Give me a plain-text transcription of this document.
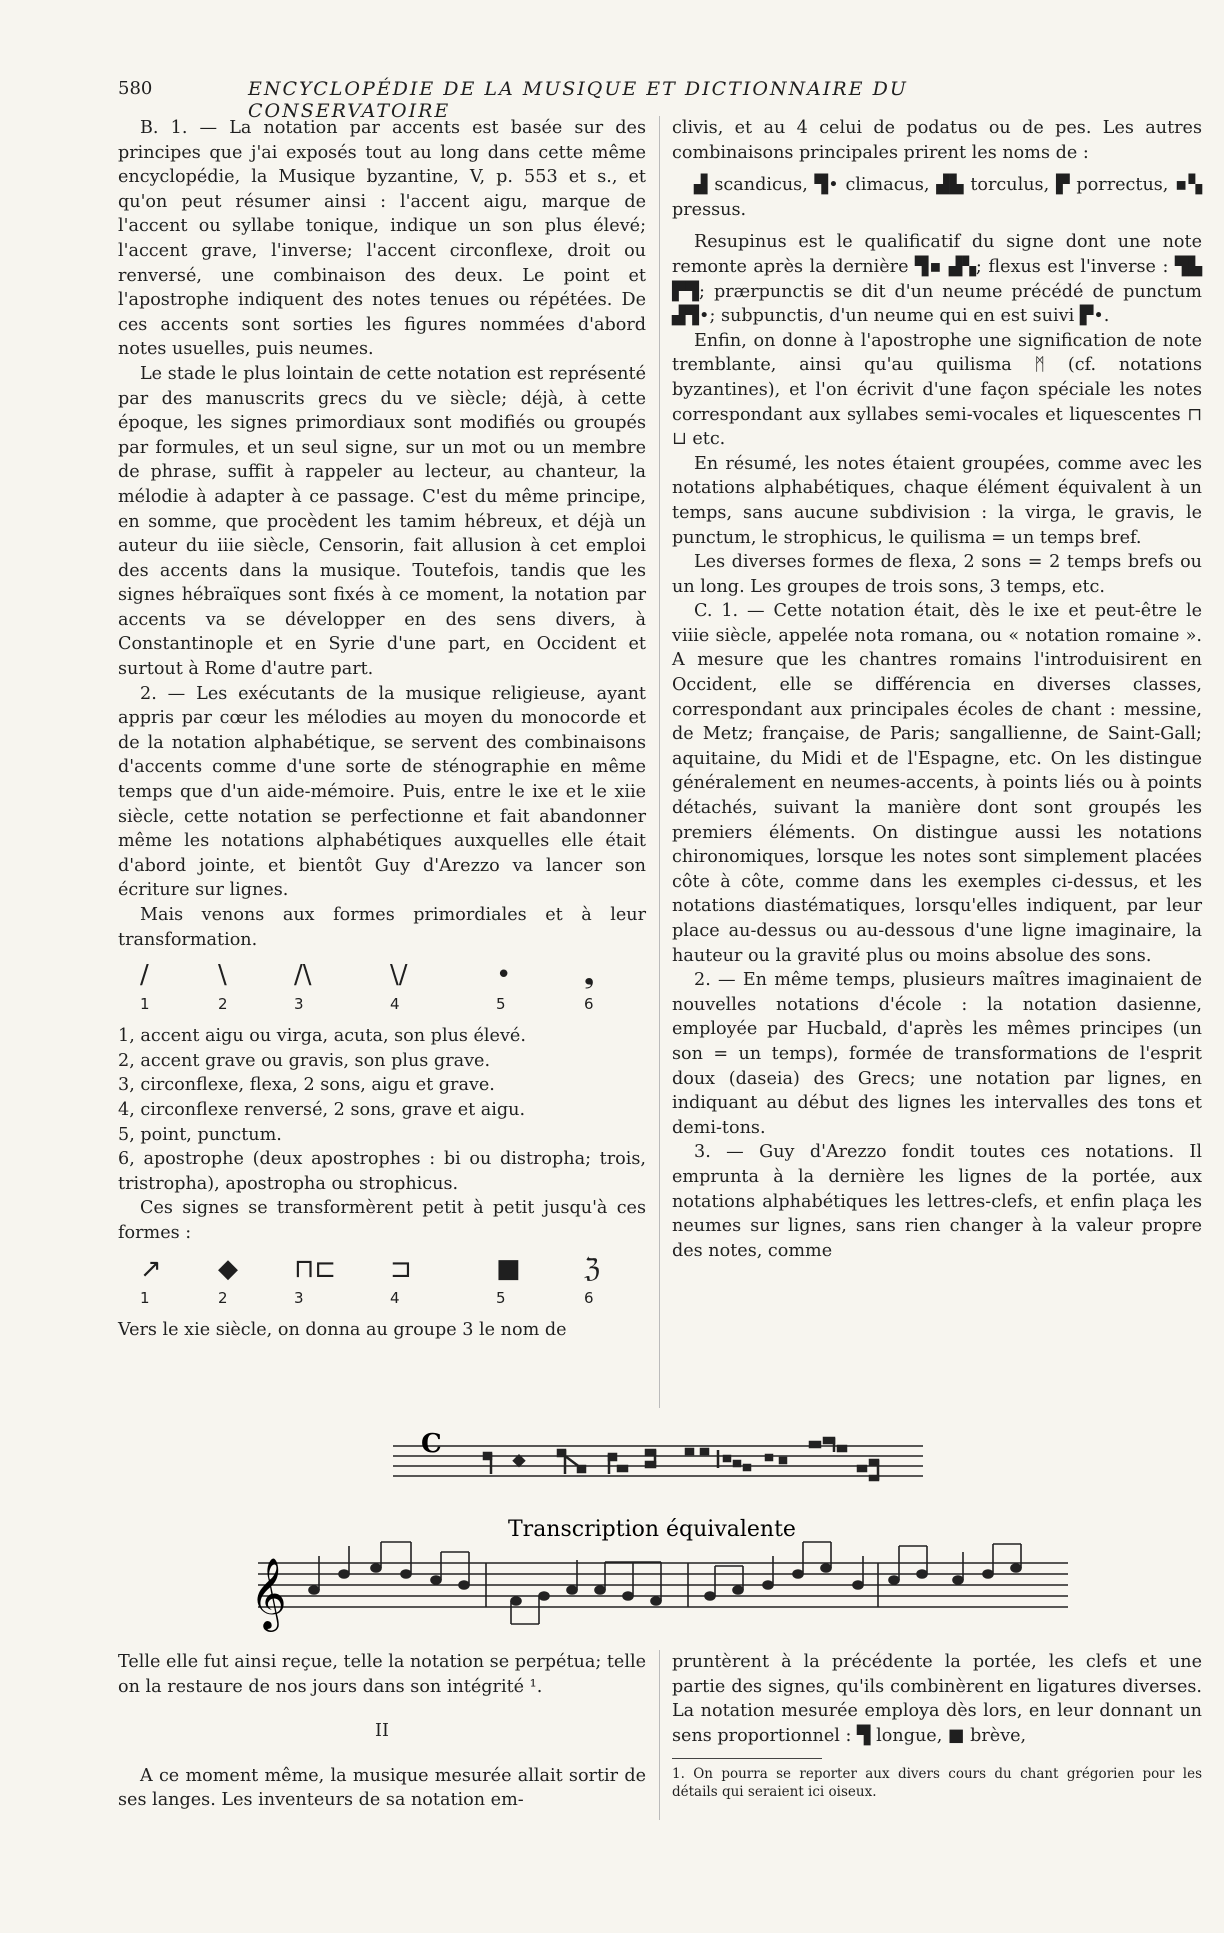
580	ENCYCLOPÉDIE DE LA MUSIQUE ET DICTIONNAIRE DU CONSERVATOIRE

B. 1. — La notation par accents est basée sur des principes que j'ai exposés tout au long dans cette même encyclopédie, la Musique byzantine, V, p. 553 et s., et qu'on peut résumer ainsi : l'accent aigu, marque de l'accent ou syllabe tonique, indique un son plus élevé; l'accent grave, l'inverse; l'accent circonflexe, droit ou renversé, une combinaison des deux. Le point et l'apostrophe indiquent des notes tenues ou répétées. De ces accents sont sorties les figures nommées d'abord notes usuelles, puis neumes.

Le stade le plus lointain de cette notation est représenté par des manuscrits grecs du ve siècle; déjà, à cette époque, les signes primordiaux sont modifiés ou groupés par formules, et un seul signe, sur un mot ou un membre de phrase, suffit à rappeler au lecteur, au chanteur, la mélodie à adapter à ce passage. C'est du même principe, en somme, que procèdent les tamim hébreux, et déjà un auteur du iiie siècle, Censorin, fait allusion à cet emploi des accents dans la musique. Toutefois, tandis que les signes hébraïques sont fixés à ce moment, la notation par accents va se développer en des sens divers, à Constantinople et en Syrie d'une part, en Occident et surtout à Rome d'autre part.

2. — Les exécutants de la musique religieuse, ayant appris par cœur les mélodies au moyen du monocorde et de la notation alphabétique, se servent des combinaisons d'accents comme d'une sorte de sténographie en même temps que d'un aide-mémoire. Puis, entre le ixe et le xiie siècle, cette notation se perfectionne et fait abandonner même les notations alphabétiques auxquelles elle était d'abord jointe, et bientôt Guy d'Arezzo va lancer son écriture sur lignes.

Mais venons aux formes primordiales et à leur transformation.

/	\	/\	\/	•	❟
1	2	3	4	5	6

1, accent aigu ou virga, acuta, son plus élevé.

2, accent grave ou gravis, son plus grave.

3, circonflexe, flexa, 2 sons, aigu et grave.

4, circonflexe renversé, 2 sons, grave et aigu.

5, point, punctum.

6, apostrophe (deux apostrophes : bi ou distropha; trois, tristropha), apostropha ou strophicus.

Ces signes se transformèrent petit à petit jusqu'à ces formes :

↗ ◆ ⊓⊏ ⊐	■ ℨ
1	2	3	4	5	6

Vers le xie siècle, on donna au groupe 3 le nom de

clivis, et au 4 celui de podatus ou de pes. Les autres combinaisons principales prirent les noms de :

▟ scandicus, ▜• climacus, ▟▙ torculus, ▛ porrectus, ▪▚ pressus.

Resupinus est le qualificatif du signe dont une note remonte après la dernière ▜▪ ▟▚; flexus est l'inverse : ▜▙ ▛▜; prærpunctis se dit d'un neume précédé de punctum ▟▜•; subpunctis, d'un neume qui en est suivi ▛•.

Enfin, on donne à l'apostrophe une signification de note tremblante, ainsi qu'au quilisma ᛗ (cf. notations byzantines), et l'on écrivit d'une façon spéciale les notes correspondant aux syllabes semi-vocales et liquescentes ⊓ ⊔ etc.

En résumé, les notes étaient groupées, comme avec les notations alphabétiques, chaque élément équivalent à un temps, sans aucune subdivision : la virga, le gravis, le punctum, le strophicus, le quilisma = un temps bref.

Les diverses formes de flexa, 2 sons = 2 temps brefs ou un long. Les groupes de trois sons, 3 temps, etc.

C. 1. — Cette notation était, dès le ixe et peut-être le viiie siècle, appelée nota romana, ou « notation romaine ». A mesure que les chantres romains l'introduisirent en Occident, elle se différencia en diverses classes, correspondant aux principales écoles de chant : messine, de Metz; française, de Paris; sangallienne, de Saint-Gall; aquitaine, du Midi et de l'Espagne, etc. On les distingue généralement en neumes-accents, à points liés ou à points détachés, suivant la manière dont sont groupés les premiers éléments. On distingue aussi les notations chironomiques, lorsque les notes sont simplement placées côte à côte, comme dans les exemples ci-dessus, et les notations diastématiques, lorsqu'elles indiquent, par leur place au-dessus ou au-dessous d'une ligne imaginaire, la hauteur ou la gravité plus ou moins absolue des sons.

2. — En même temps, plusieurs maîtres imaginaient de nouvelles notations d'école : la notation dasienne, employée par Hucbald, d'après les mêmes principes (un son = un temps), formée de transformations de l'esprit doux (daseia) des Grecs; une notation par lignes, en indiquant au début des lignes les intervalles des tons et demi-tons.

3. — Guy d'Arezzo fondit toutes ces notations. Il emprunta à la dernière les lignes de la portée, aux notations alphabétiques les lettres-clefs, et enfin plaça les neumes sur lignes, sans rien changer à la valeur propre des notes, comme

C
Transcription équivalente
𝄞

Telle elle fut ainsi reçue, telle la notation se perpétua; telle on la restaure de nos jours dans son intégrité ¹.

II

A ce moment même, la musique mesurée allait sortir de ses langes. Les inventeurs de sa notation em-

pruntèrent à la précédente la portée, les clefs et une partie des signes, qu'ils combinèrent en ligatures diverses. La notation mesurée employa dès lors, en leur donnant un sens proportionnel : ▜ longue, ■ brève,

1. On pourra se reporter aux divers cours du chant grégorien pour les détails qui seraient ici oiseux.
